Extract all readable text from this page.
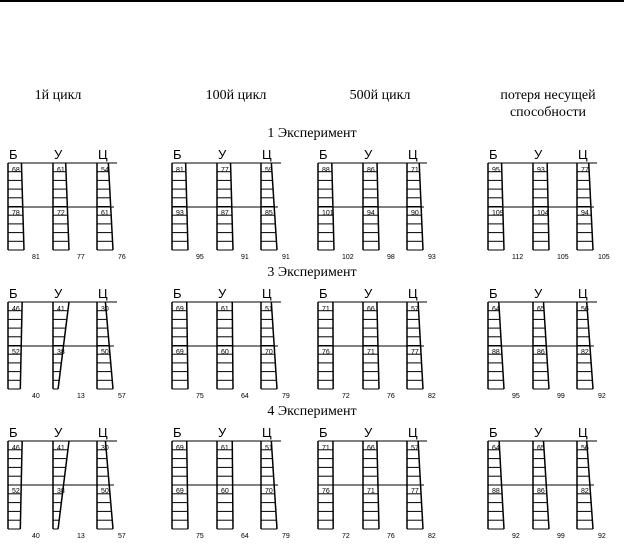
1й цикл	100й цикл	500й цикл	потеря несущей
способности
1 Эксперимент
3 Эксперимент
4 Эксперимент
Б	У	Ц
68
78
81
61
72
77
54
61
76
Б	У	Ц
81
93
95
77
87
91
59
85
91
Б	У	Ц
88
101
102
86
94
98
71
90
93
Б	У	Ц
95
109
112
93
104
105
77
94
105
Б	У	Ц
46
52
40
41
38
13
30
50
57
Б	У	Ц
69
69
75
61
60
64
51
70
79
Б	У	Ц
71
76
72
66
71
76
57
77
82
Б	У	Ц
64
88
95
65
86
99
56
82
92
Б	У	Ц
46
52
40
41
38
13
30
50
57
Б	У	Ц
69
69
75
61
60
64
51
70
79
Б	У	Ц
71
76
72
66
71
76
57
77
82
Б	У	Ц
64
88
92
65
86
99
56
82
92
